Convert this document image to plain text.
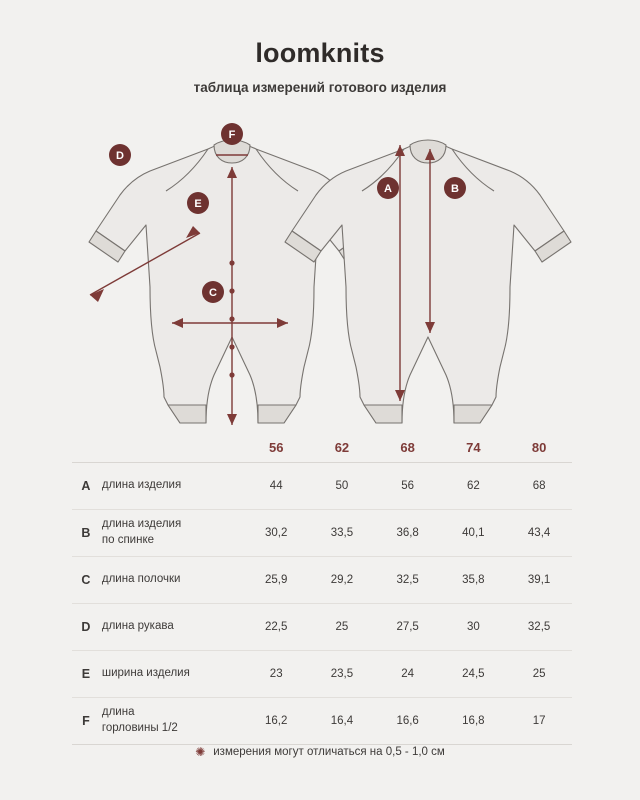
loomknits
таблица измерений готового изделия
D
F
E
C
A	B
		56	62	68	74	80
A	длина изделия	44	50	56	62	68
B	длина изделия
по спинке	30,2	33,5	36,8	40,1	43,4
C	длина полочки	25,9	29,2	32,5	35,8	39,1
D	длина рукава	22,5	25	27,5	30	32,5
E	ширина изделия	23	23,5	24	24,5	25
F	длина
горловины 1/2	16,2	16,4	16,6	16,8	17
✺ измерения могут отличаться на 0,5 - 1,0 см
